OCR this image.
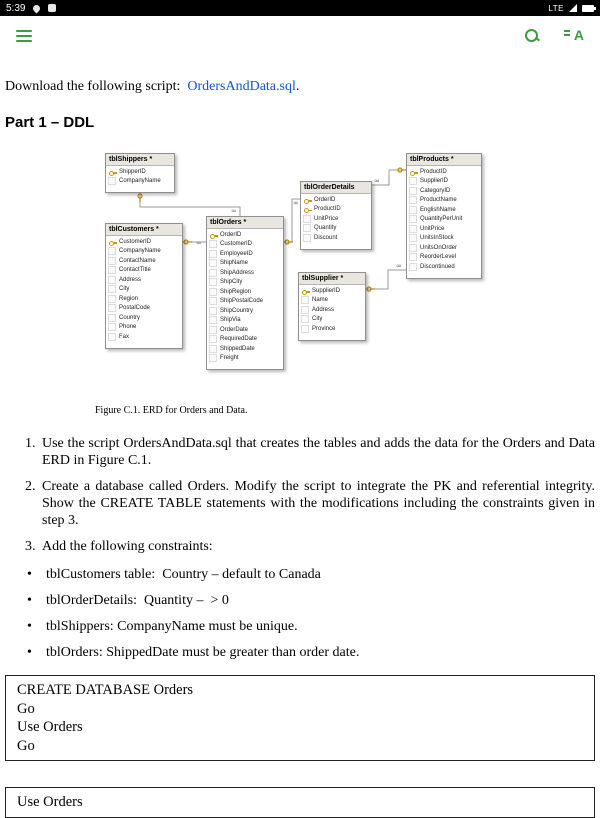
5:39	LTE
A
Download the following script:  OrdersAndData.sql.
Part 1 – DDL
∞
∞
∞
∞
∞
tblShippers *
ShipperID
CompanyName
tblCustomers *
CustomerID
CompanyName
ContactName
ContactTitle
Address
City
Region
PostalCode
Country
Phone
Fax
tblOrders *
OrderID
CustomerID
EmployeeID
ShipName
ShipAddress
ShipCity
ShipRegion
ShipPostalCode
ShipCountry
ShipVia
OrderDate
RequiredDate
ShippedDate
Freight
tblOrderDetails
OrderID
ProductID
UnitPrice
Quantity
Discount
tblProducts *
ProductID
SupplierID
CategoryID
ProductName
EnglishName
QuantityPerUnit
UnitPrice
UnitsInStock
UnitsOnOrder
ReorderLevel
Discontinued
tblSupplier *
SupplierID
Name
Address
City
Province
Figure C.1. ERD for Orders and Data.
1. Use the script OrdersAndData.sql that creates the tables and adds the data for the Orders and Data ERD in Figure C.1.
2. Create a database called Orders. Modify the script to integrate the PK and referential integrity. Show the CREATE TABLE statements with the modifications including the constraints given in step 3.
3. Add the following constraints:
• tblCustomers table:  Country – default to Canada
• tblOrderDetails:  Quantity –  > 0
• tblShippers: CompanyName must be unique.
• tblOrders: ShippedDate must be greater than order date.
CREATE DATABASE Orders
Go
Use Orders
Go
Use Orders
